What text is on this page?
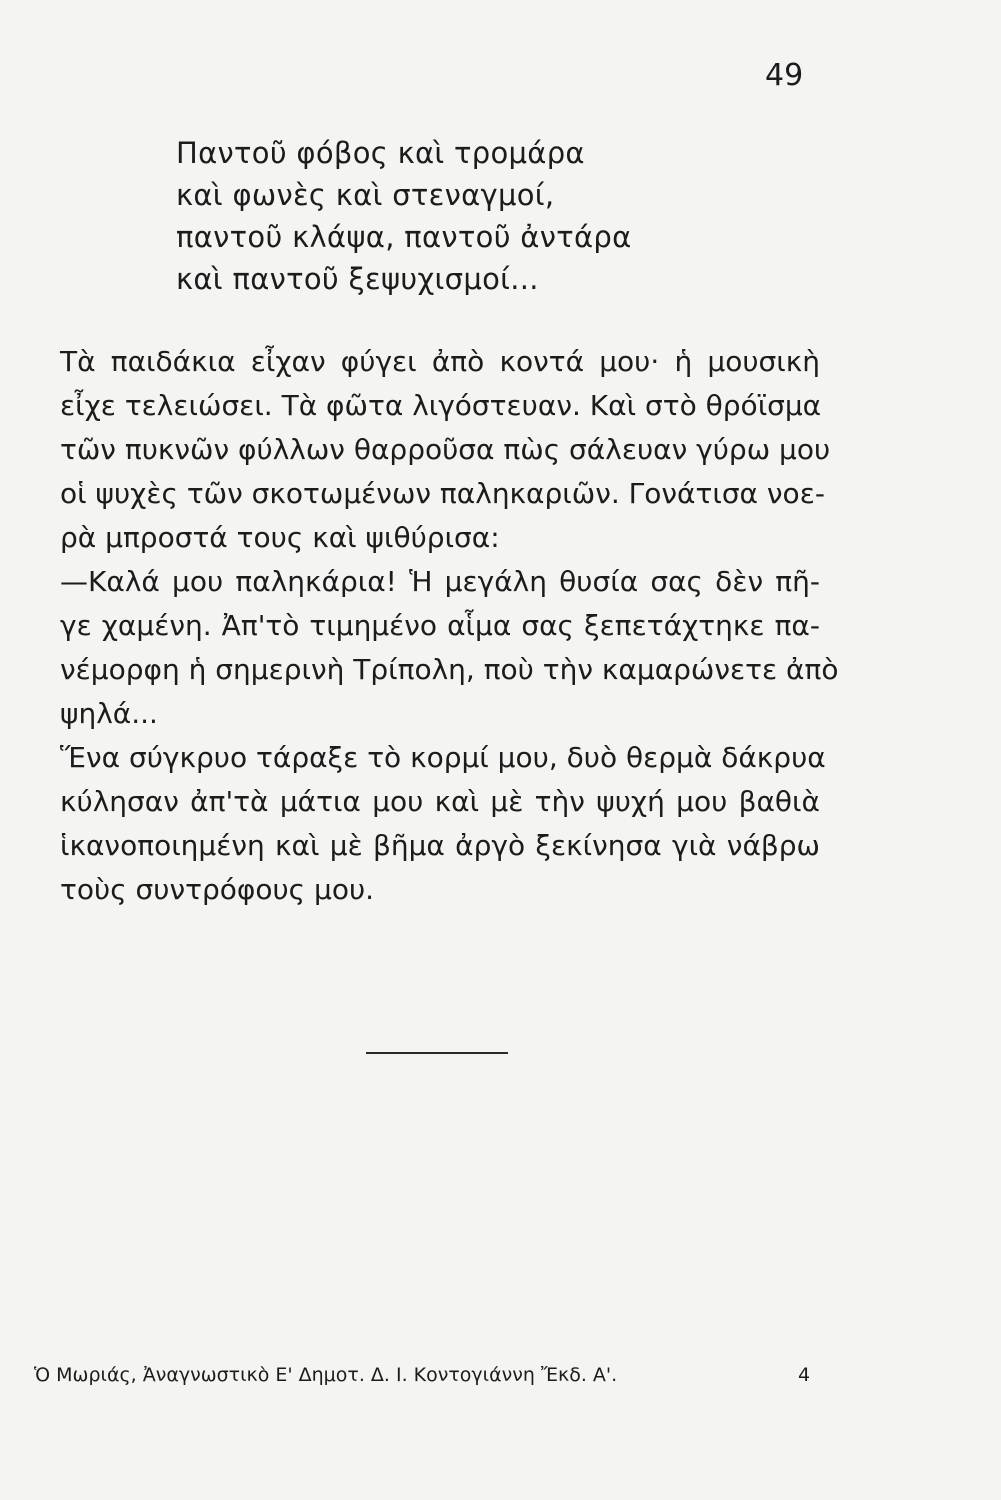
49
Παντοῦ φόβος καὶ τρομάρα
καὶ φωνὲς καὶ στεναγμοί,
παντοῦ κλάψα, παντοῦ ἀντάρα
καὶ παντοῦ ξεψυχισμοί...
Τὰ παιδάκια εἶχαν φύγει ἀπὸ κοντά μου· ἡ μουσικὴ
εἶχε τελειώσει. Τὰ φῶτα λιγόστευαν. Καὶ στὸ θρόϊσμα
τῶν πυκνῶν φύλλων θαρροῦσα πὼς σάλευαν γύρω μου
οἱ ψυχὲς τῶν σκοτωμένων παληκαριῶν. Γονάτισα νοε-
ρὰ μπροστά τους καὶ ψιθύρισα:
—Καλά μου παληκάρια! Ἡ μεγάλη θυσία σας δὲν πῆ-
γε χαμένη. Ἀπ'τὸ τιμημένο αἷμα σας ξεπετάχτηκε πα-
νέμορφη ἡ σημερινὴ Τρίπολη, ποὺ τὴν καμαρώνετε ἀπὸ
ψηλά...
Ἕνα σύγκρυο τάραξε τὸ κορμί μου, δυὸ θερμὰ δάκρυα
κύλησαν ἀπ'τὰ μάτια μου καὶ μὲ τὴν ψυχή μου βαθιὰ
ἱκανοποιημένη καὶ μὲ βῆμα ἀργὸ ξεκίνησα γιὰ νάβρω
τοὺς συντρόφους μου.
Ὁ Μωριάς, Ἀναγνωστικὸ Ε' Δημοτ. Δ. Ι. Κοντογιάννη Ἔκδ. Α'.	4
